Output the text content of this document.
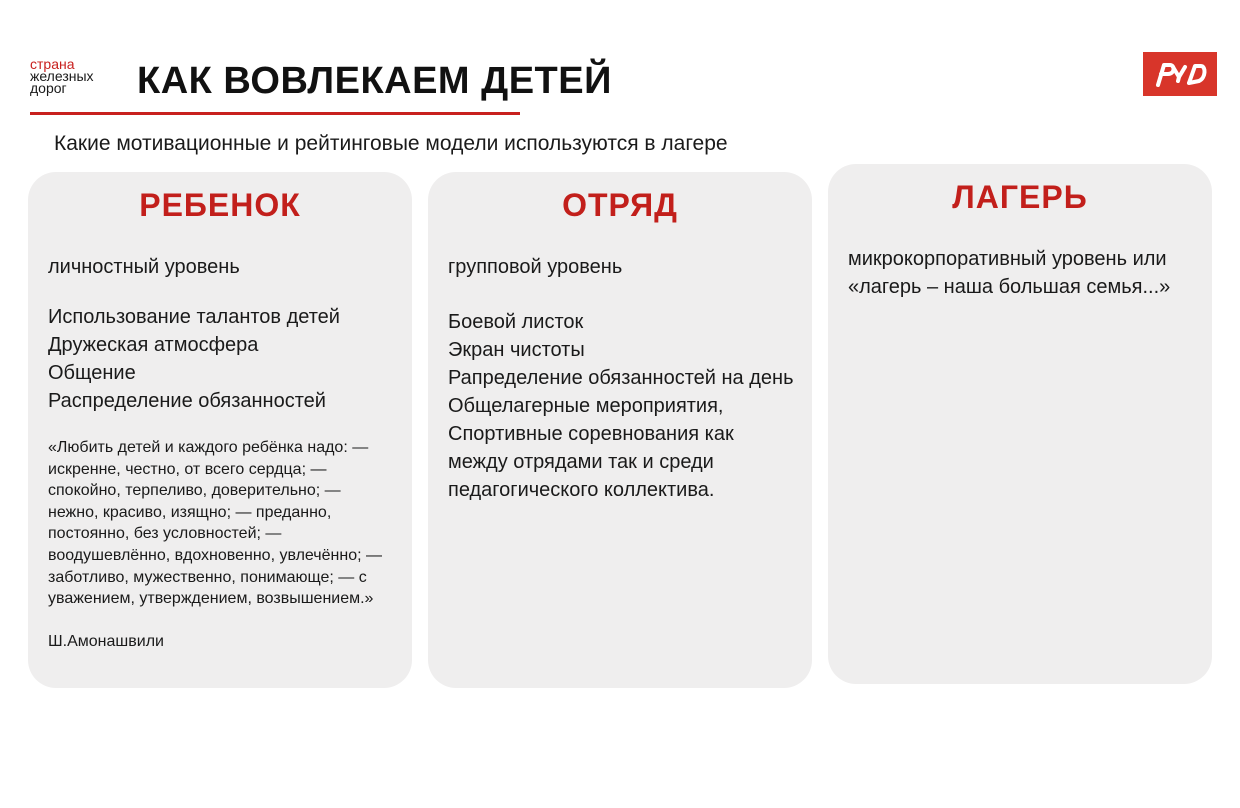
страна
железных
дорог	КАК ВОВЛЕКАЕМ ДЕТЕЙ

Какие мотивационные и рейтинговые модели используются в лагере

РЕБЕНОК

личностный уровень

Использование талантов детей
Дружеская атмосфера
Общение
Распределение обязанностей

«Любить детей и каждого ребёнка надо: — искренне, честно, от всего сердца; — спокойно, терпеливо, доверительно; — нежно, красиво, изящно; — преданно, постоянно, без условностей; — воодушевлённо, вдохновенно, увлечённо; — заботливо, мужественно, понимающе; — с уважением, утверждением, возвышением.»

Ш.Амонашвили

ОТРЯД

групповой уровень

Боевой листок
Экран чистоты
Рапределение обязанностей на день
Общелагерные мероприятия, Спортивные соревнования как между отрядами так и среди педагогического коллектива.
ЛАГЕРЬ

микрокорпоративный уровень или «лагерь – наша большая семья...»
